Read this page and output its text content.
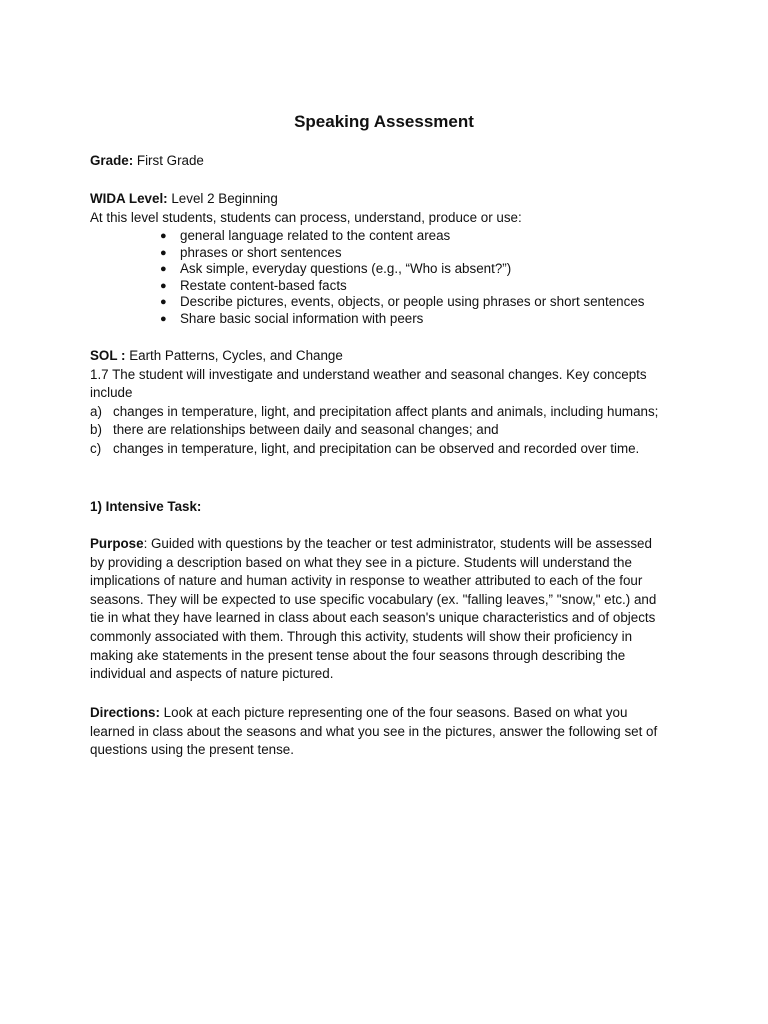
Speaking Assessment

Grade: First Grade

WIDA Level: Level 2 Beginning
At this level students, students can process, understand, produce or use:

● general language related to the content areas
● phrases or short sentences
● Ask simple, everyday questions (e.g., “Who is absent?”)
● Restate content-based facts
● Describe pictures, events, objects, or people using phrases or short sentences
● Share basic social information with peers

SOL : Earth Patterns, Cycles, and Change
1.7 The student will investigate and understand weather and seasonal changes. Key concepts
include
a) changes in temperature, light, and precipitation affect plants and animals, including humans;
b) there are relationships between daily and seasonal changes; and
c) changes in temperature, light, and precipitation can be observed and recorded over time.

1) Intensive Task:

Purpose: Guided with questions by the teacher or test administrator, students will be assessed
by providing a description based on what they see in a picture. Students will understand the
implications of nature and human activity in response to weather attributed to each of the four
seasons. They will be expected to use specific vocabulary (ex. "falling leaves,” "snow," etc.) and
tie in what they have learned in class about each season's unique characteristics and of objects
commonly associated with them. Through this activity, students will show their proficiency in
making ake statements in the present tense about the four seasons through describing the
individual and aspects of nature pictured.

Directions: Look at each picture representing one of the four seasons. Based on what you
learned in class about the seasons and what you see in the pictures, answer the following set of
questions using the present tense.
